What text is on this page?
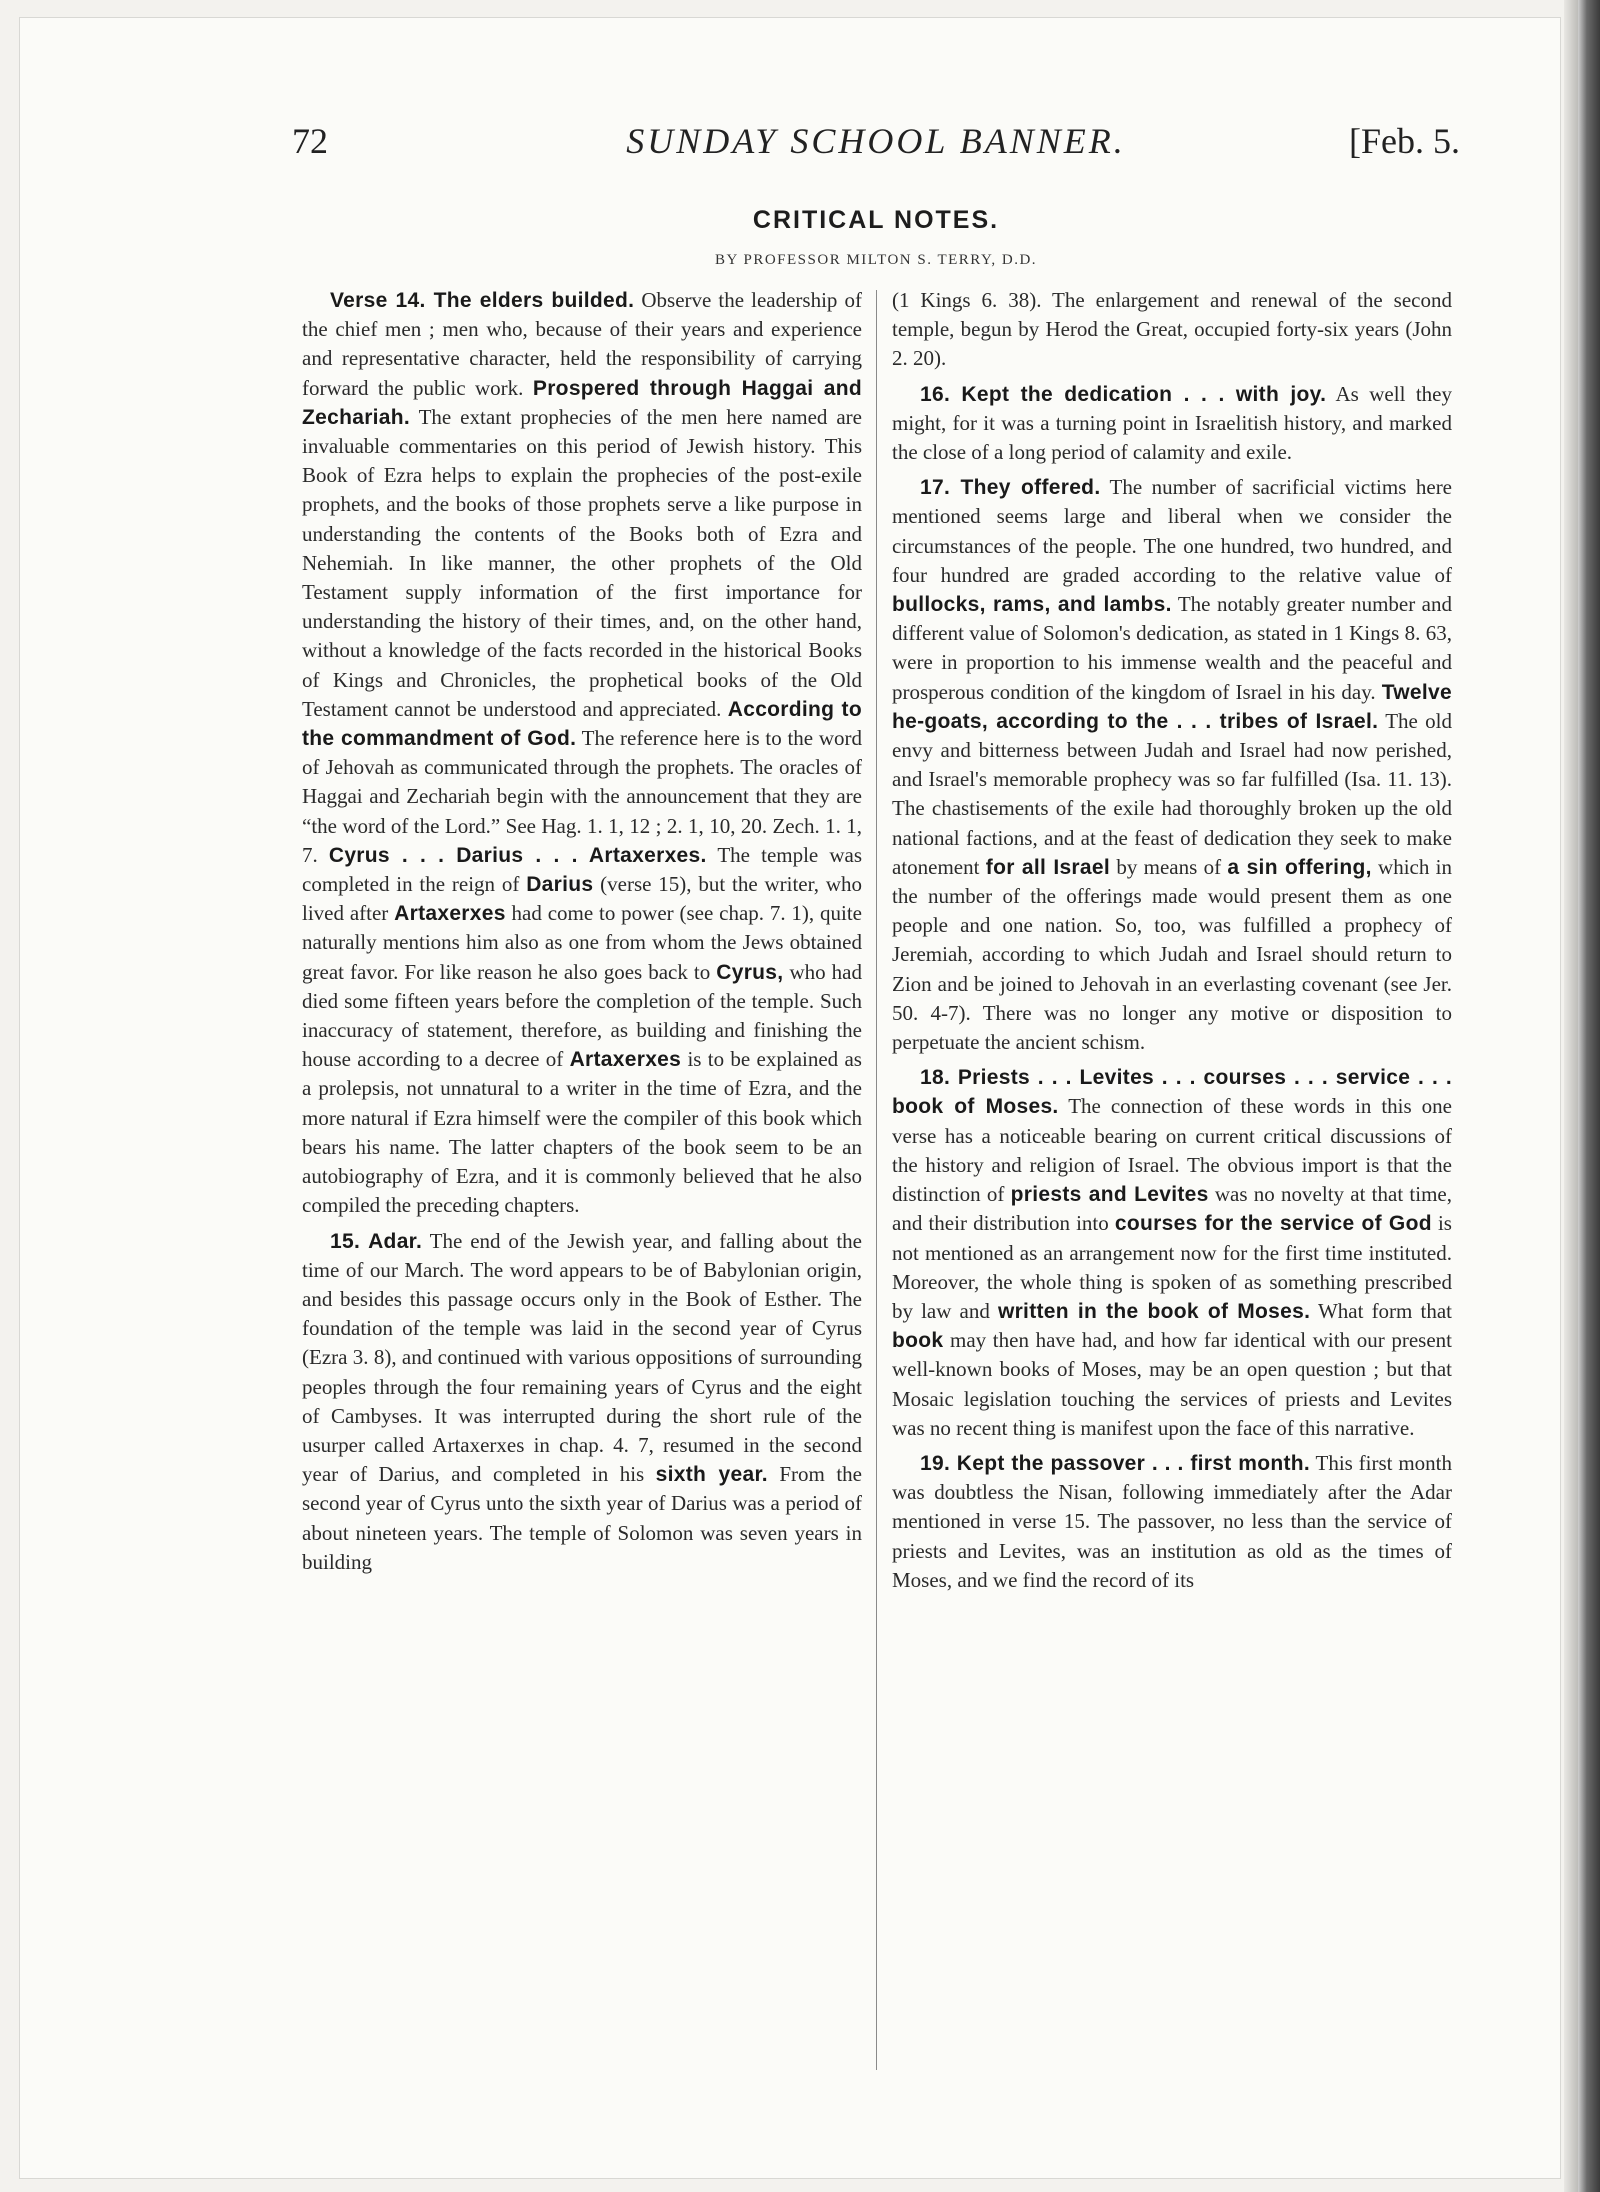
SUNDAY SCHOOL BANNER.
72	[Feb. 5.
CRITICAL NOTES.
BY PROFESSOR MILTON S. TERRY, D.D.

Verse 14. The elders builded. Observe the leadership of the chief men ; men who, because of their years and experience and representative character, held the responsibility of carrying forward the public work. Prospered through Haggai and Zechariah. The extant prophecies of the men here named are invaluable commentaries on this period of Jewish history. This Book of Ezra helps to explain the prophecies of the post-exile prophets, and the books of those prophets serve a like purpose in understanding the contents of the Books both of Ezra and Nehemiah. In like manner, the other prophets of the Old Testament supply information of the first importance for understanding the history of their times, and, on the other hand, without a knowledge of the facts recorded in the historical Books of Kings and Chronicles, the prophetical books of the Old Testament cannot be understood and appreciated. According to the commandment of God. The reference here is to the word of Jehovah as communicated through the prophets. The oracles of Haggai and Zechariah begin with the announcement that they are “the word of the Lord.” See Hag. 1. 1, 12 ; 2. 1, 10, 20. Zech. 1. 1, 7. Cyrus . . . Darius . . . Artaxerxes. The temple was completed in the reign of Darius (verse 15), but the writer, who lived after Artaxerxes had come to power (see chap. 7. 1), quite naturally mentions him also as one from whom the Jews obtained great favor. For like reason he also goes back to Cyrus, who had died some fifteen years before the completion of the temple. Such inaccuracy of statement, therefore, as building and finishing the house according to a decree of Artaxerxes is to be explained as a prolepsis, not unnatural to a writer in the time of Ezra, and the more natural if Ezra himself were the compiler of this book which bears his name. The latter chapters of the book seem to be an autobiography of Ezra, and it is commonly believed that he also compiled the preceding chapters.

15. Adar. The end of the Jewish year, and falling about the time of our March. The word appears to be of Babylonian origin, and besides this passage occurs only in the Book of Esther. The foundation of the temple was laid in the second year of Cyrus (Ezra 3. 8), and continued with various oppositions of surrounding peoples through the four remaining years of Cyrus and the eight of Cambyses. It was interrupted during the short rule of the usurper called Artaxerxes in chap. 4. 7, resumed in the second year of Darius, and completed in his sixth year. From the second year of Cyrus unto the sixth year of Darius was a period of about nineteen years. The temple of Solomon was seven years in building

(1 Kings 6. 38). The enlargement and renewal of the second temple, begun by Herod the Great, occupied forty-six years (John 2. 20).

16. Kept the dedication . . . with joy. As well they might, for it was a turning point in Israelitish history, and marked the close of a long period of calamity and exile.

17. They offered. The number of sacrificial victims here mentioned seems large and liberal when we consider the circumstances of the people. The one hundred, two hundred, and four hundred are graded according to the relative value of bullocks, rams, and lambs. The notably greater number and different value of Solomon's dedication, as stated in 1 Kings 8. 63, were in proportion to his immense wealth and the peaceful and prosperous condition of the kingdom of Israel in his day. Twelve he-goats, according to the . . . tribes of Israel. The old envy and bitterness between Judah and Israel had now perished, and Israel's memorable prophecy was so far fulfilled (Isa. 11. 13). The chastisements of the exile had thoroughly broken up the old national factions, and at the feast of dedication they seek to make atonement for all Israel by means of a sin offering, which in the number of the offerings made would present them as one people and one nation. So, too, was fulfilled a prophecy of Jeremiah, according to which Judah and Israel should return to Zion and be joined to Jehovah in an everlasting covenant (see Jer. 50. 4-7). There was no longer any motive or disposition to perpetuate the ancient schism.

18. Priests . . . Levites . . . courses . . . service . . . book of Moses. The connection of these words in this one verse has a noticeable bearing on current critical discussions of the history and religion of Israel. The obvious import is that the distinction of priests and Levites was no novelty at that time, and their distribution into courses for the service of God is not mentioned as an arrangement now for the first time instituted. Moreover, the whole thing is spoken of as something prescribed by law and written in the book of Moses. What form that book may then have had, and how far identical with our present well-known books of Moses, may be an open question ; but that Mosaic legislation touching the services of priests and Levites was no recent thing is manifest upon the face of this narrative.

19. Kept the passover . . . first month. This first month was doubtless the Nisan, following immediately after the Adar mentioned in verse 15. The passover, no less than the service of priests and Levites, was an institution as old as the times of Moses, and we find the record of its
